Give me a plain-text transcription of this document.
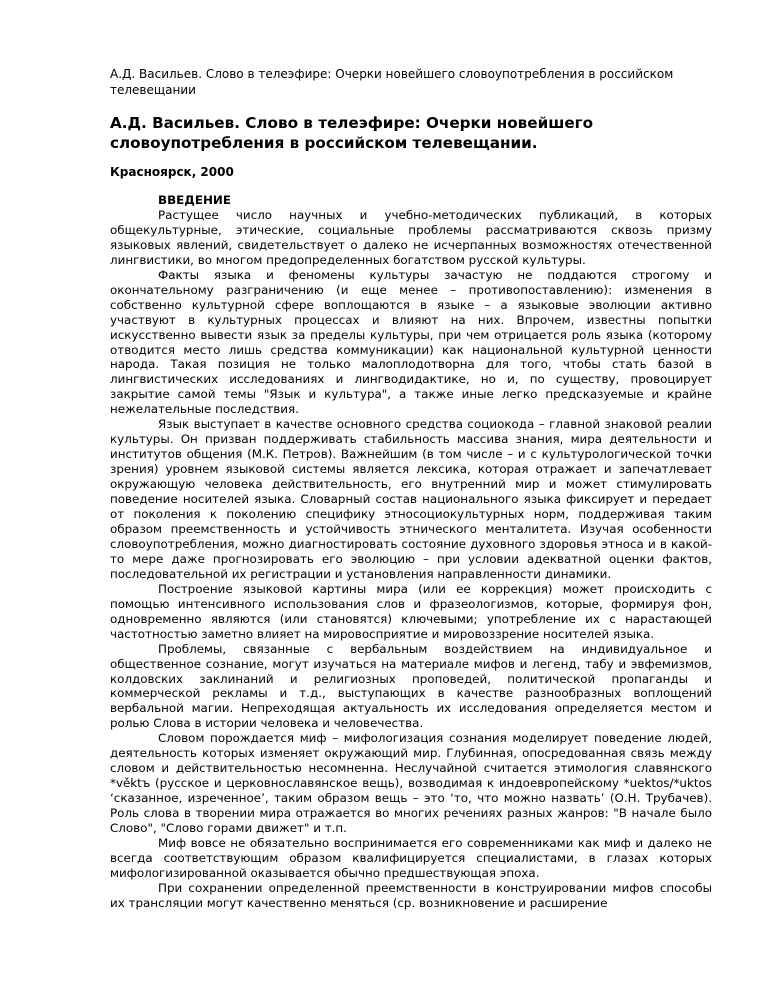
А.Д. Васильев. Слово в телеэфире: Очерки новейшего словоупотребления в российском телевещании
А.Д. Васильев. Слово в телеэфире: Очерки новейшего словоупотребления в российском телевещании.
Красноярск, 2000
ВВЕДЕНИЕ

Растущее число научных и учебно-методических публикаций, в которых общекультурные, этические, социальные проблемы рассматриваются сквозь призму языковых явлений, свидетельствует о далеко не исчерпанных возможностях отечественной лингвистики, во многом предопределенных богатством русской культуры.

Факты языка и феномены культуры зачастую не поддаются строгому и окончательному разграничению (и еще менее – противопоставлению): изменения в собственно культурной сфере воплощаются в языке – а языковые эволюции активно участвуют в культурных процессах и влияют на них. Впрочем, известны попытки искусственно вывести язык за пределы культуры, при чем отрицается роль языка (которому отводится место лишь средства коммуникации) как национальной культурной ценности народа. Такая позиция не только малоплодотворна для того, чтобы стать базой в лингвистических исследованиях и лингводидактике, но и, по существу, провоцирует закрытие самой темы "Язык и культура", а также иные легко предсказуемые и крайне нежелательные последствия.

Язык выступает в качестве основного средства социокода – главной знаковой реалии культуры. Он призван поддерживать стабильность массива знания, мира деятельности и институтов общения (М.К. Петров). Важнейшим (в том числе – и с культурологической точки зрения) уровнем языковой системы является лексика, которая отражает и запечатлевает окружающую человека действительность, его внутренний мир и может стимулировать поведение носителей языка. Словарный состав национального языка фиксирует и передает от поколения к поколению специфику этносоциокультурных норм, поддерживая таким образом преемственность и устойчивость этнического менталитета. Изучая особенности словоупотребления, можно диагностировать состояние духовного здоровья этноса и в какой-то мере даже прогнозировать его эволюцию – при условии адекватной оценки фактов, последовательной их регистрации и установления направленности динамики.

Построение языковой картины мира (или ее коррекция) может происходить с помощью интенсивного использования слов и фразеологизмов, которые, формируя фон, одновременно являются (или становятся) ключевыми; употребление их с нарастающей частотностью заметно влияет на мировосприятие и мировоззрение носителей языка.

Проблемы, связанные с вербальным воздействием на индивидуальное и общественное сознание, могут изучаться на материале мифов и легенд, табу и эвфемизмов, колдовских заклинаний и религиозных проповедей, политической пропаганды и коммерческой рекламы и т.д., выступающих в качестве разнообразных воплощений вербальной магии. Непреходящая актуальность их исследования определяется местом и ролью Слова в истории человека и человечества.

Словом порождается миф – мифологизация сознания моделирует поведение людей, деятельность которых изменяет окружающий мир. Глубинная, опосредованная связь между словом и действительностью несомненна. Неслучайной считается этимология славянского *věktъ (русское и церковнославянское вещь), возводимая к индоевропейскому *uektos/*uktos ‘сказанное, изреченное’, таким образом вещь – это ‘то, что можно назвать’ (О.Н. Трубачев). Роль слова в творении мира отражается во многих речениях разных жанров: "В начале было Слово", "Слово горами движет" и т.п.

Миф вовсе не обязательно воспринимается его современниками как миф и далеко не всегда соответствующим образом квалифицируется специалистами, в глазах которых мифологизированной оказывается обычно предшествующая эпоха.

При сохранении определенной преемственности в конструировании мифов способы их трансляции могут качественно меняться (ср. возникновение и расширение
